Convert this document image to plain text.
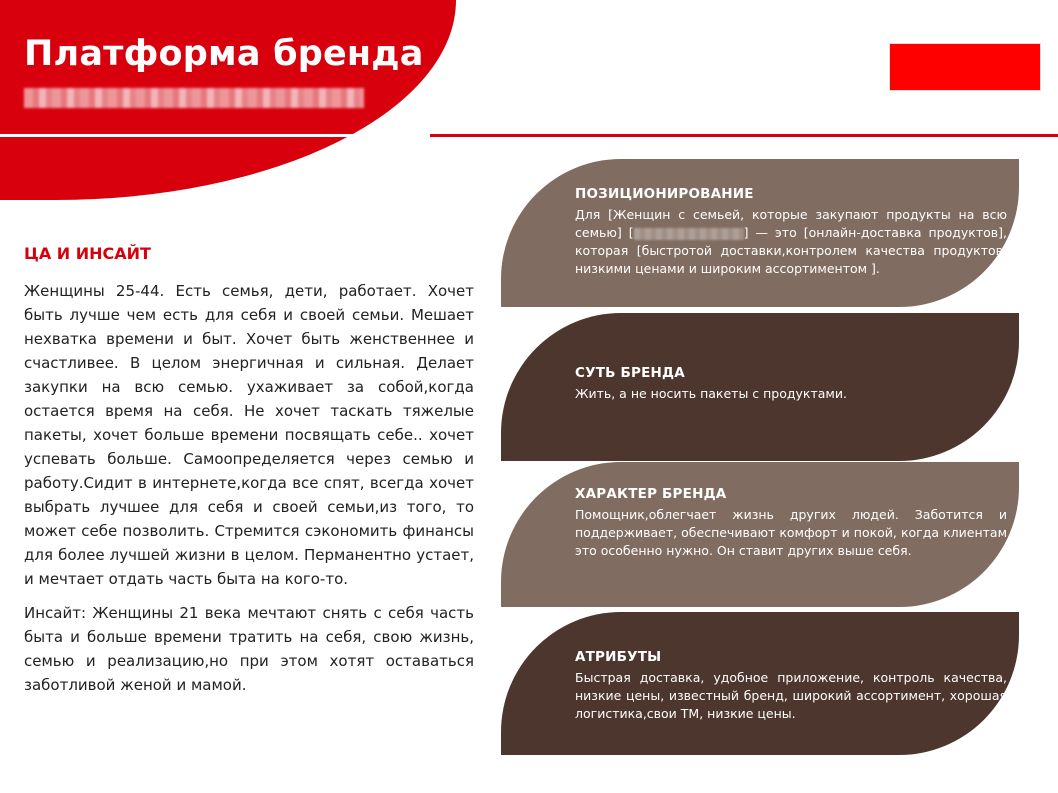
Платформа бренда
ЦА И ИНСАЙТ

Женщины 25-44. Есть семья, дети, работает. Хочет быть лучше чем есть для себя и своей семьи. Мешает нехватка времени и быт. Хочет быть женственнее и счастливее. В целом энергичная и сильная. Делает закупки на всю семью. ухаживает за собой,когда остается время на себя. Не хочет таскать тяжелые пакеты, хочет больше времени посвящать себе.. хочет успевать больше. Самоопределяется через семью и работу.Сидит в интернете,когда все спят, всегда хочет выбрать лучшее для себя и своей семьи,из того, то может себе позволить. Стремится сэкономить финансы для более лучшей жизни в целом. Перманентно устает, и мечтает отдать часть быта на кого-то.

Инсайт: Женщины 21 века мечтают снять с себя часть быта и больше времени тратить на себя, свою жизнь, семью и реализацию,но при этом хотят оставаться заботливой женой и мамой.

ПОЗИЦИОНИРОВАНИЕ
Для [Женщин с семьей, которые закупают продукты на всю семью] [	] — это [онлайн-доставка продуктов], которая [быстротой доставки,контролем качества продуктов, низкими ценами и широким ассортиментом ].
СУТЬ БРЕНДА
Жить, а не носить пакеты с продуктами.
ХАРАКТЕР БРЕНДА
Помощник,облегчает жизнь других людей. Заботится и поддерживает, обеспечивают комфорт и покой, когда клиентам это особенно нужно. Он ставит других выше себя.
АТРИБУТЫ
Быстрая доставка, удобное приложение, контроль качества, низкие цены, известный бренд, широкий ассортимент, хорошая логистика,свои ТМ, низкие цены.
